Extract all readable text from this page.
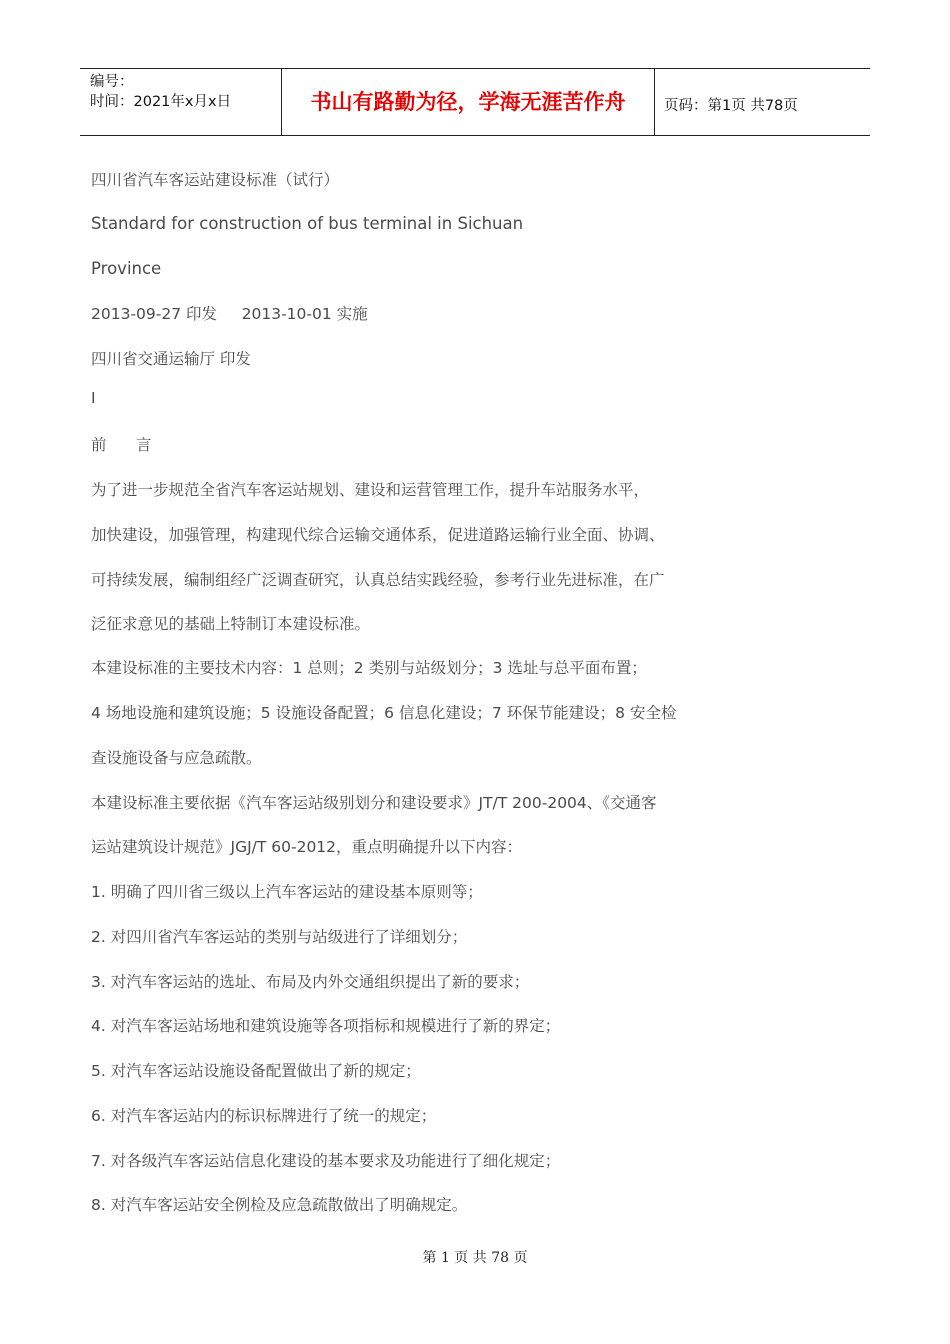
编号：
时间：2021年x月x日	书山有路勤为径，学海无涯苦作舟	页码：第1页 共78页
四川省汽车客运站建设标准（试行）
Standard for construction of bus terminal in Sichuan
Province
2013-09-27 印发     2013-10-01 实施
四川省交通运输厅 印发
I
前      言
为了进一步规范全省汽车客运站规划、建设和运营管理工作，提升车站服务水平，
加快建设，加强管理，构建现代综合运输交通体系，促进道路运输行业全面、协调、
可持续发展，编制组经广泛调查研究，认真总结实践经验，参考行业先进标准，在广
泛征求意见的基础上特制订本建设标准。
本建设标准的主要技术内容：1 总则；2 类别与站级划分；3 选址与总平面布置；
4 场地设施和建筑设施；5 设施设备配置；6 信息化建设；7 环保节能建设；8 安全检
查设施设备与应急疏散。
本建设标准主要依据《汽车客运站级别划分和建设要求》JT/T 200-2004、《交通客
运站建筑设计规范》JGJ/T 60-2012，重点明确提升以下内容：
1. 明确了四川省三级以上汽车客运站的建设基本原则等；
2. 对四川省汽车客运站的类别与站级进行了详细划分；
3. 对汽车客运站的选址、布局及内外交通组织提出了新的要求；
4. 对汽车客运站场地和建筑设施等各项指标和规模进行了新的界定；
5. 对汽车客运站设施设备配置做出了新的规定；
6. 对汽车客运站内的标识标牌进行了统一的规定；
7. 对各级汽车客运站信息化建设的基本要求及功能进行了细化规定；
8. 对汽车客运站安全例检及应急疏散做出了明确规定。
第 1 页 共 78 页
